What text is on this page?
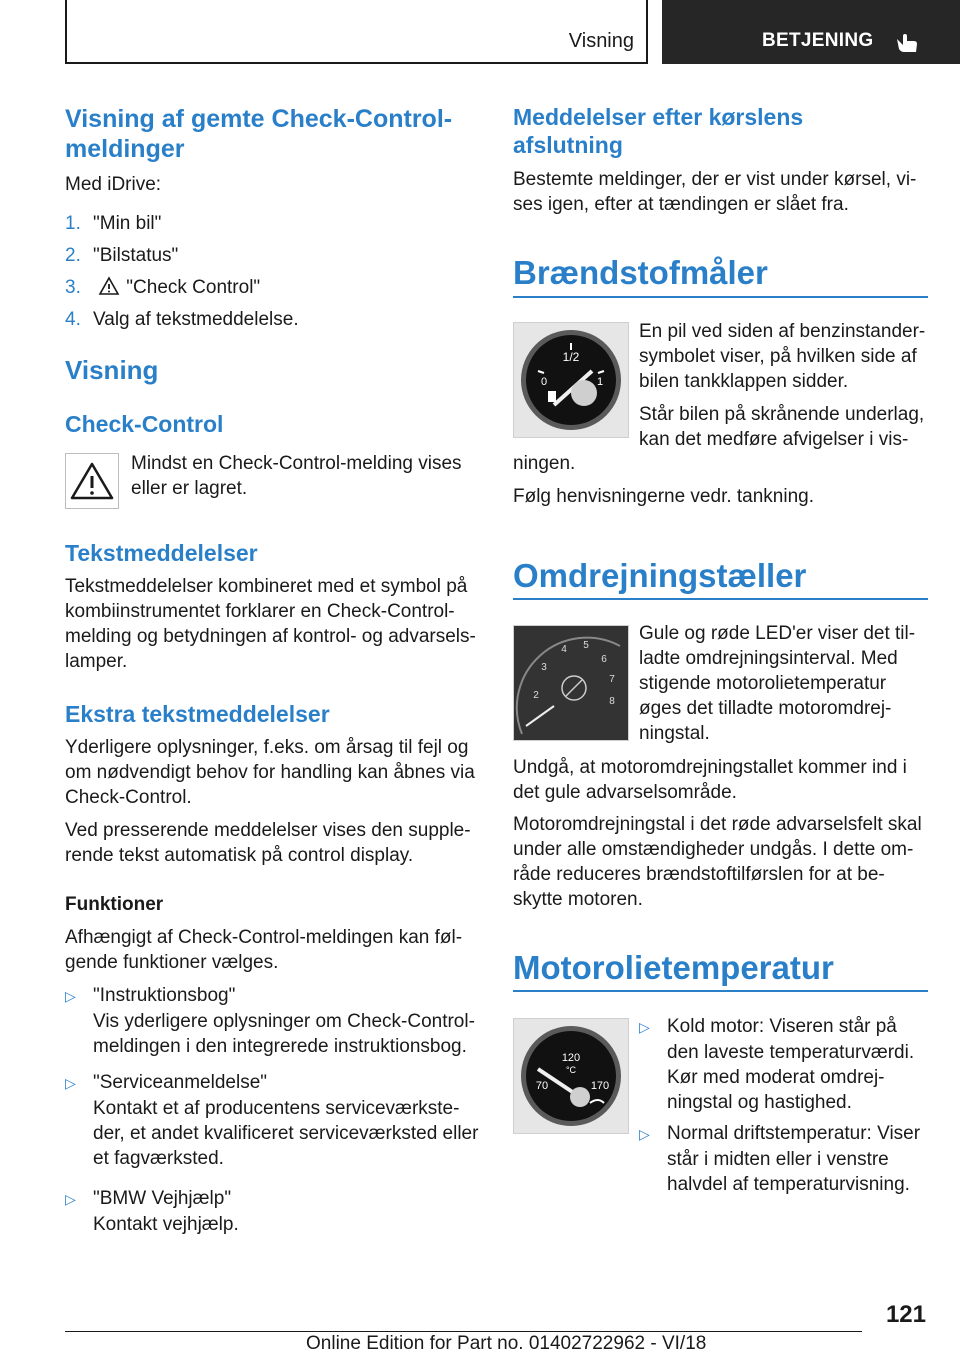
Visning	BETJENING
Visning af gemte Check-Control-
meldinger

Med iDrive:

1. "Min bil"
2. "Bilstatus"
3. "Check Control"
4. Valg af tekstmeddelelse.
Visning
Check-Control

Mindst en Check-Control-melding vises
eller er lagret.

Tekstmeddelelser

Tekstmeddelelser kombineret med et symbol på
kombiinstrumentet forklarer en Check-Control-
melding og betydningen af kontrol- og advarsels-
lamper.

Ekstra tekstmeddelelser

Yderligere oplysninger, f.eks. om årsag til fejl og
om nødvendigt behov for handling kan åbnes via
Check-Control.

Ved presserende meddelelser vises den supple-
rende tekst automatisk på control display.

Funktioner

Afhængigt af Check-Control-meldingen kan føl-
gende funktioner vælges.

▷ "Instruktionsbog"
Vis yderligere oplysninger om Check-Control-
meldingen i den integrerede instruktionsbog.
▷ "Serviceanmeldelse"
Kontakt et af producentens serviceværkste-
der, et andet kvalificeret serviceværksted eller
et fagværksted.
▷ "BMW Vejhjælp"
Kontakt vejhjælp.
Meddelelser efter kørslens
afslutning

Bestemte meldinger, der er vist under kørsel, vi-
ses igen, efter at tændingen er slået fra.

Brændstofmåler
1/2
0	1

En pil ved siden af benzinstander-
symbolet viser, på hvilken side af
bilen tankklappen sidder.

Står bilen på skrånende underlag,
kan det medføre afvigelser i vis-

ningen.

Følg henvisningerne vedr. tankning.

Omdrejningstæller
2
3
4 5
6
7
8

Gule og røde LED'er viser det til-
ladte omdrejningsinterval. Med
stigende motorolietemperatur
øges det tilladte motoromdrej-
ningstal.

Undgå, at motoromdrejningstallet kommer ind i
det gule advarselsområde.

Motoromdrejningstal i det røde advarselsfelt skal
under alle omstændigheder undgås. I dette om-
råde reduceres brændstoftilførslen for at be-
skytte motoren.

Motorolietemperatur
120
°C
70	170
▷ Kold motor: Viseren står på
den laveste temperaturværdi.
Kør med moderat omdrej-
ningstal og hastighed.
▷ Normal driftstemperatur: Viser
står i midten eller i venstre
halvdel af temperaturvisning.
121
Online Edition for Part no. 01402722962 - VI/18
